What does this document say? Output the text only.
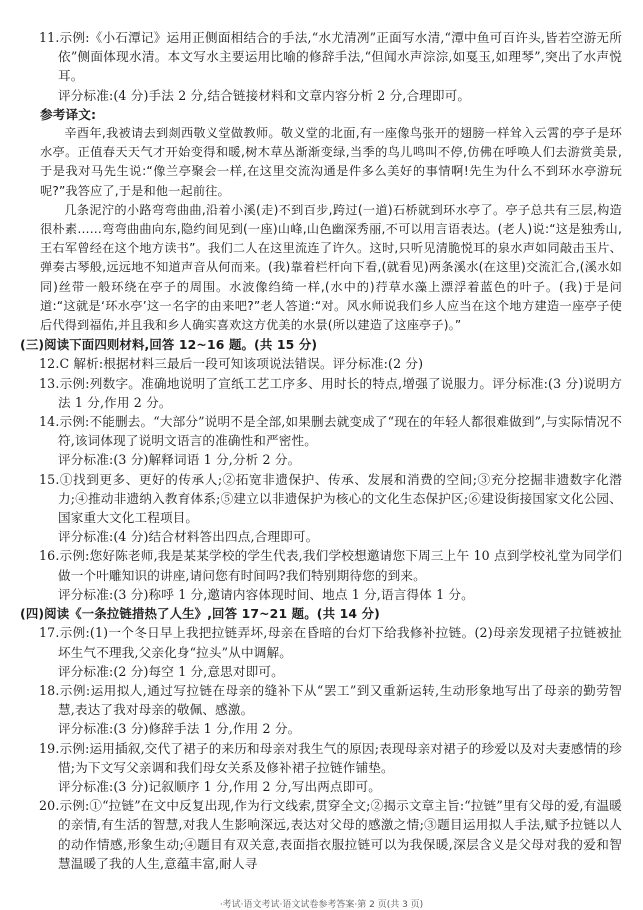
11.示例:《小石潭记》运用正侧面相结合的手法,“水尤清冽”正面写水清,“潭中鱼可百许头,皆若空游无所依”侧面体现水清。本文写水主要运用比喻的修辞手法,“但闻水声淙淙,如戛玉,如理琴”,突出了水声悦耳。

评分标准:(4 分)手法 2 分,结合链接材料和文章内容分析 2 分,合理即可。

参考译文:

辛酉年,我被请去到剡西敬义堂做教师。敬义堂的北面,有一座像鸟张开的翅膀一样耸入云霄的亭子是环水亭。正值春天天气才开始变得和暖,树木草丛渐渐变绿,当季的鸟儿鸣叫不停,仿佛在呼唤人们去游赏美景,于是我对马先生说:“像兰亭聚会一样,在这里交流沟通是件多么美好的事情啊!先生为什么不到环水亭游玩呢?”我答应了,于是和他一起前往。

几条泥泞的小路弯弯曲曲,沿着小溪(走)不到百步,跨过(一道)石桥就到环水亭了。亭子总共有三层,构造很朴素……弯弯曲曲向东,隐约间见到(一座)山峰,山色幽深秀丽,不可以用言语表达。(老人)说:“这是独秀山,王右军曾经在这个地方读书”。我们二人在这里流连了许久。这时,只听见清脆悦耳的泉水声如同敲击玉片、弹奏古琴般,远远地不知道声音从何而来。(我)靠着栏杆向下看,(就看见)两条溪水(在这里)交流汇合,(溪水如同)丝带一般环绕在亭子的周围。水波像绉绮一样,(水中的)荇草水藻上漂浮着蓝色的叶子。(我)于是问道:“这就是‘环水亭’这一名字的由来吧?”老人答道:“对。风水师说我们乡人应当在这个地方建造一座亭子使后代得到福佑,并且我和乡人确实喜欢这方优美的水景(所以建造了这座亭子)。”

(三)阅读下面四则材料,回答 12~16 题。(共 15 分)

12.C 解析:根据材料三最后一段可知该项说法错误。评分标准:(2 分)

13.示例:列数字。准确地说明了宣纸工艺工序多、用时长的特点,增强了说服力。评分标准:(3 分)说明方法 1 分,作用 2 分。

14.示例:不能删去。“大部分”说明不是全部,如果删去就变成了“现在的年轻人都很难做到”,与实际情况不符,该词体现了说明文语言的准确性和严密性。

评分标准:(3 分)解释词语 1 分,分析 2 分。

15.①找到更多、更好的传承人;②拓宽非遗保护、传承、发展和消费的空间;③充分挖掘非遗数字化潜力;④推动非遗纳入教育体系;⑤建立以非遗保护为核心的文化生态保护区;⑥建设街接国家文化公园、国家重大文化工程项目。

评分标准:(4 分)结合材料答出四点,合理即可。

16.示例:您好陈老师,我是某某学校的学生代表,我们学校想邀请您下周三上午 10 点到学校礼堂为同学们做一个叶雕知识的讲座,请问您有时间吗?我们特别期待您的到来。

评分标准:(3 分)称呼 1 分,邀请内容体现时间、地点 1 分,语言得体 1 分。

(四)阅读《一条拉链措热了人生》,回答 17~21 题。(共 14 分)

17.示例:(1)一个冬日早上我把拉链弄坏,母亲在昏暗的台灯下给我修补拉链。(2)母亲发现裙子拉链被扯坏生气不理我,父亲化身“拉头”从中调解。

评分标准:(2 分)每空 1 分,意思对即可。

18.示例:运用拟人,通过写拉链在母亲的缝补下从“罢工”到又重新运转,生动形象地写出了母亲的勤劳智慧,表达了我对母亲的敬佩、感激。

评分标准:(3 分)修辞手法 1 分,作用 2 分。

19.示例:运用插叙,交代了裙子的来历和母亲对我生气的原因;表现母亲对裙子的珍爱以及对夫妻感情的珍惜;为下文写父亲调和我们母女关系及修补裙子拉链作铺垫。

评分标准:(3 分)记叙顺序 1 分,作用 2 分,写出两点即可。

20.示例:①“拉链”在文中反复出现,作为行文线索,贯穿全文;②揭示文章主旨:“拉链”里有父母的爱,有温暖的亲情,有生活的智慧,对我人生影响深远,表达对父母的感激之情;③题目运用拟人手法,赋予拉链以人的动作情感,形象生动;④题目有双关意,表面指衣服拉链可以为我保暖,深层含义是父母对我的爱和智慧温暖了我的人生,意蕴丰富,耐人寻

·考试·语文考试·语文试卷参考答案·第 2 页(共 3 页)
